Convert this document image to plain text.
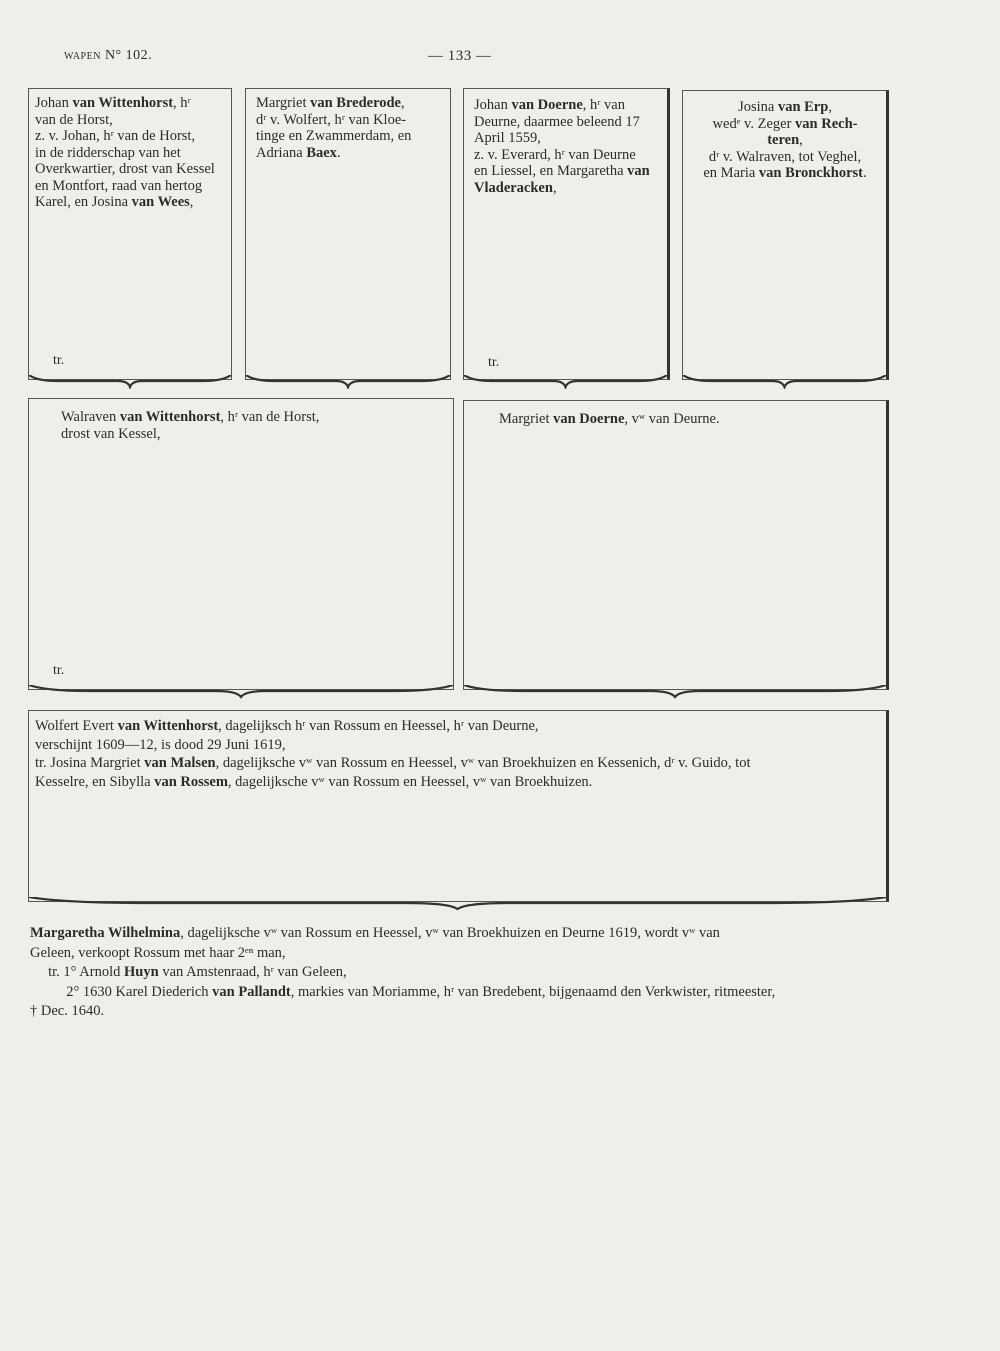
wapen N° 102.	— 133 —
Johan van Wittenhorst, hʳ
van de Horst,
z. v. Johan, hʳ van de Horst,
in de ridderschap van het
Overkwartier, drost van Kessel
en Montfort, raad van hertog
Karel, en Josina van Wees,
tr.
Margriet van Brederode,
dʳ v. Wolfert, hʳ van Kloe-
tinge en Zwammerdam, en
Adriana Baex.
Johan van Doerne, hʳ van
Deurne, daarmee beleend 17
April 1559,
z. v. Everard, hʳ van Deurne
en Liessel, en Margaretha van
Vladeracken,
tr.
Josina van Erp,
wedᵉ v. Zeger van Rech-
teren,
dʳ v. Walraven, tot Veghel,
en Maria van Bronckhorst.
Walraven van Wittenhorst, hʳ van de Horst,
drost van Kessel,
tr.
Margriet van Doerne, vʷ van Deurne.
Wolfert Evert van Wittenhorst, dagelijksch hʳ van Rossum en Heessel, hʳ van Deurne,
verschijnt 1609—12, is dood 29 Juni 1619,
tr. Josina Margriet van Malsen, dagelijksche vʷ van Rossum en Heessel, vʷ van Broekhuizen en Kessenich, dʳ v. Guido, tot
Kesselre, en Sibylla van Rossem, dagelijksche vʷ van Rossum en Heessel, vʷ van Broekhuizen.
Margaretha Wilhelmina, dagelijksche vʷ van Rossum en Heessel, vʷ van Broekhuizen en Deurne 1619, wordt vʷ van
Geleen, verkoopt Rossum met haar 2ᵉⁿ man,
tr. 1° Arnold Huyn van Amstenraad, hʳ van Geleen,
2° 1630 Karel Diederich van Pallandt, markies van Moriamme, hʳ van Bredebent, bijgenaamd den Verkwister, ritmeester,
† Dec. 1640.
